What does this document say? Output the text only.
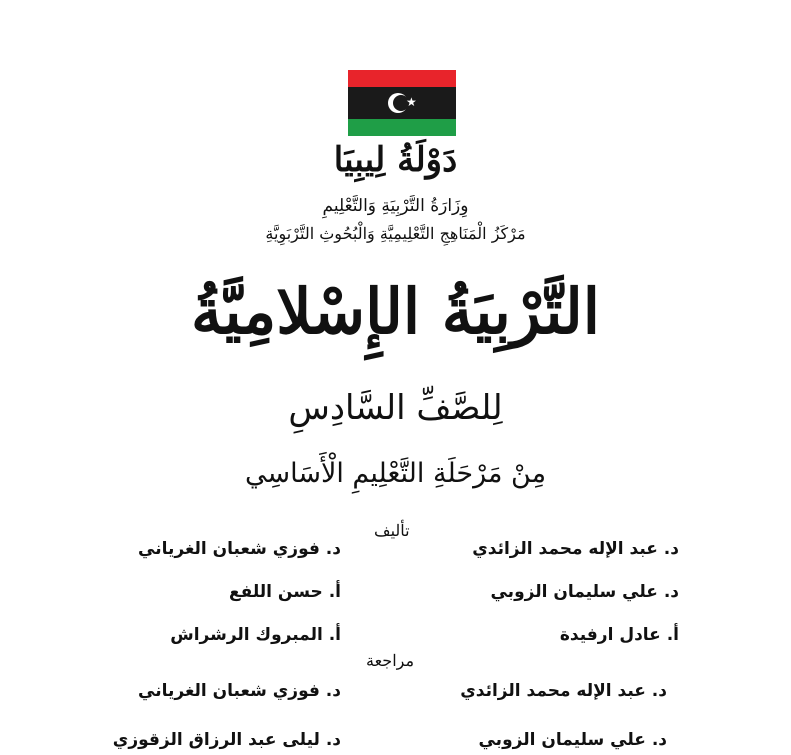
★
دَوْلَةُ لِيبِيَا
وِزَارَةُ التَّرْبِيَةِ وَالتَّعْلِيمِ
مَرْكَزُ الْمَنَاهِجِ التَّعْلِيمِيَّةِ وَالْبُحُوثِ التَّرْبَوِيَّةِ
التَّرْبِيَةُ الإِسْلامِيَّةُ
لِلصَّفِّ السَّادِسِ
مِنْ مَرْحَلَةِ التَّعْلِيمِ الْأَسَاسِي
تأليف
د. عبد الإله محمد الزائدي
د. فوزي شعبان الغرياني
د. علي سليمان الزوبي
أ. حسن اللفع
أ. عادل ارفيدة
أ. المبروك الرشراش
مراجعة
د. عبد الإله محمد الزائدي
د. فوزي شعبان الغرياني
د. علي سليمان الزوبي
د. ليلى عبد الرزاق الزقوزي
